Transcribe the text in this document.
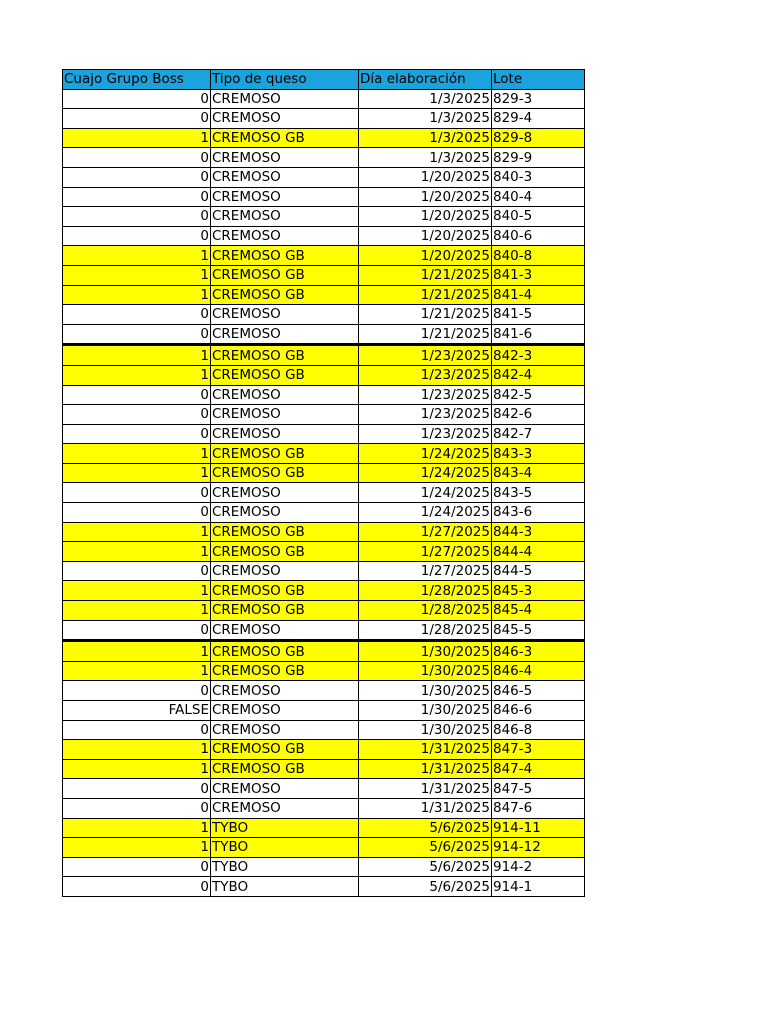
Cuajo Grupo Boss	Tipo de queso	Día elaboración	Lote
0	CREMOSO	1/3/2025	829-3
0	CREMOSO	1/3/2025	829-4
1	CREMOSO GB	1/3/2025	829-8
0	CREMOSO	1/3/2025	829-9
0	CREMOSO	1/20/2025	840-3
0	CREMOSO	1/20/2025	840-4
0	CREMOSO	1/20/2025	840-5
0	CREMOSO	1/20/2025	840-6
1	CREMOSO GB	1/20/2025	840-8
1	CREMOSO GB	1/21/2025	841-3
1	CREMOSO GB	1/21/2025	841-4
0	CREMOSO	1/21/2025	841-5
0	CREMOSO	1/21/2025	841-6
1	CREMOSO GB	1/23/2025	842-3
1	CREMOSO GB	1/23/2025	842-4
0	CREMOSO	1/23/2025	842-5
0	CREMOSO	1/23/2025	842-6
0	CREMOSO	1/23/2025	842-7
1	CREMOSO GB	1/24/2025	843-3
1	CREMOSO GB	1/24/2025	843-4
0	CREMOSO	1/24/2025	843-5
0	CREMOSO	1/24/2025	843-6
1	CREMOSO GB	1/27/2025	844-3
1	CREMOSO GB	1/27/2025	844-4
0	CREMOSO	1/27/2025	844-5
1	CREMOSO GB	1/28/2025	845-3
1	CREMOSO GB	1/28/2025	845-4
0	CREMOSO	1/28/2025	845-5
1	CREMOSO GB	1/30/2025	846-3
1	CREMOSO GB	1/30/2025	846-4
0	CREMOSO	1/30/2025	846-5
FALSE	CREMOSO	1/30/2025	846-6
0	CREMOSO	1/30/2025	846-8
1	CREMOSO GB	1/31/2025	847-3
1	CREMOSO GB	1/31/2025	847-4
0	CREMOSO	1/31/2025	847-5
0	CREMOSO	1/31/2025	847-6
1	TYBO	5/6/2025	914-11
1	TYBO	5/6/2025	914-12
0	TYBO	5/6/2025	914-2
0	TYBO	5/6/2025	914-1
